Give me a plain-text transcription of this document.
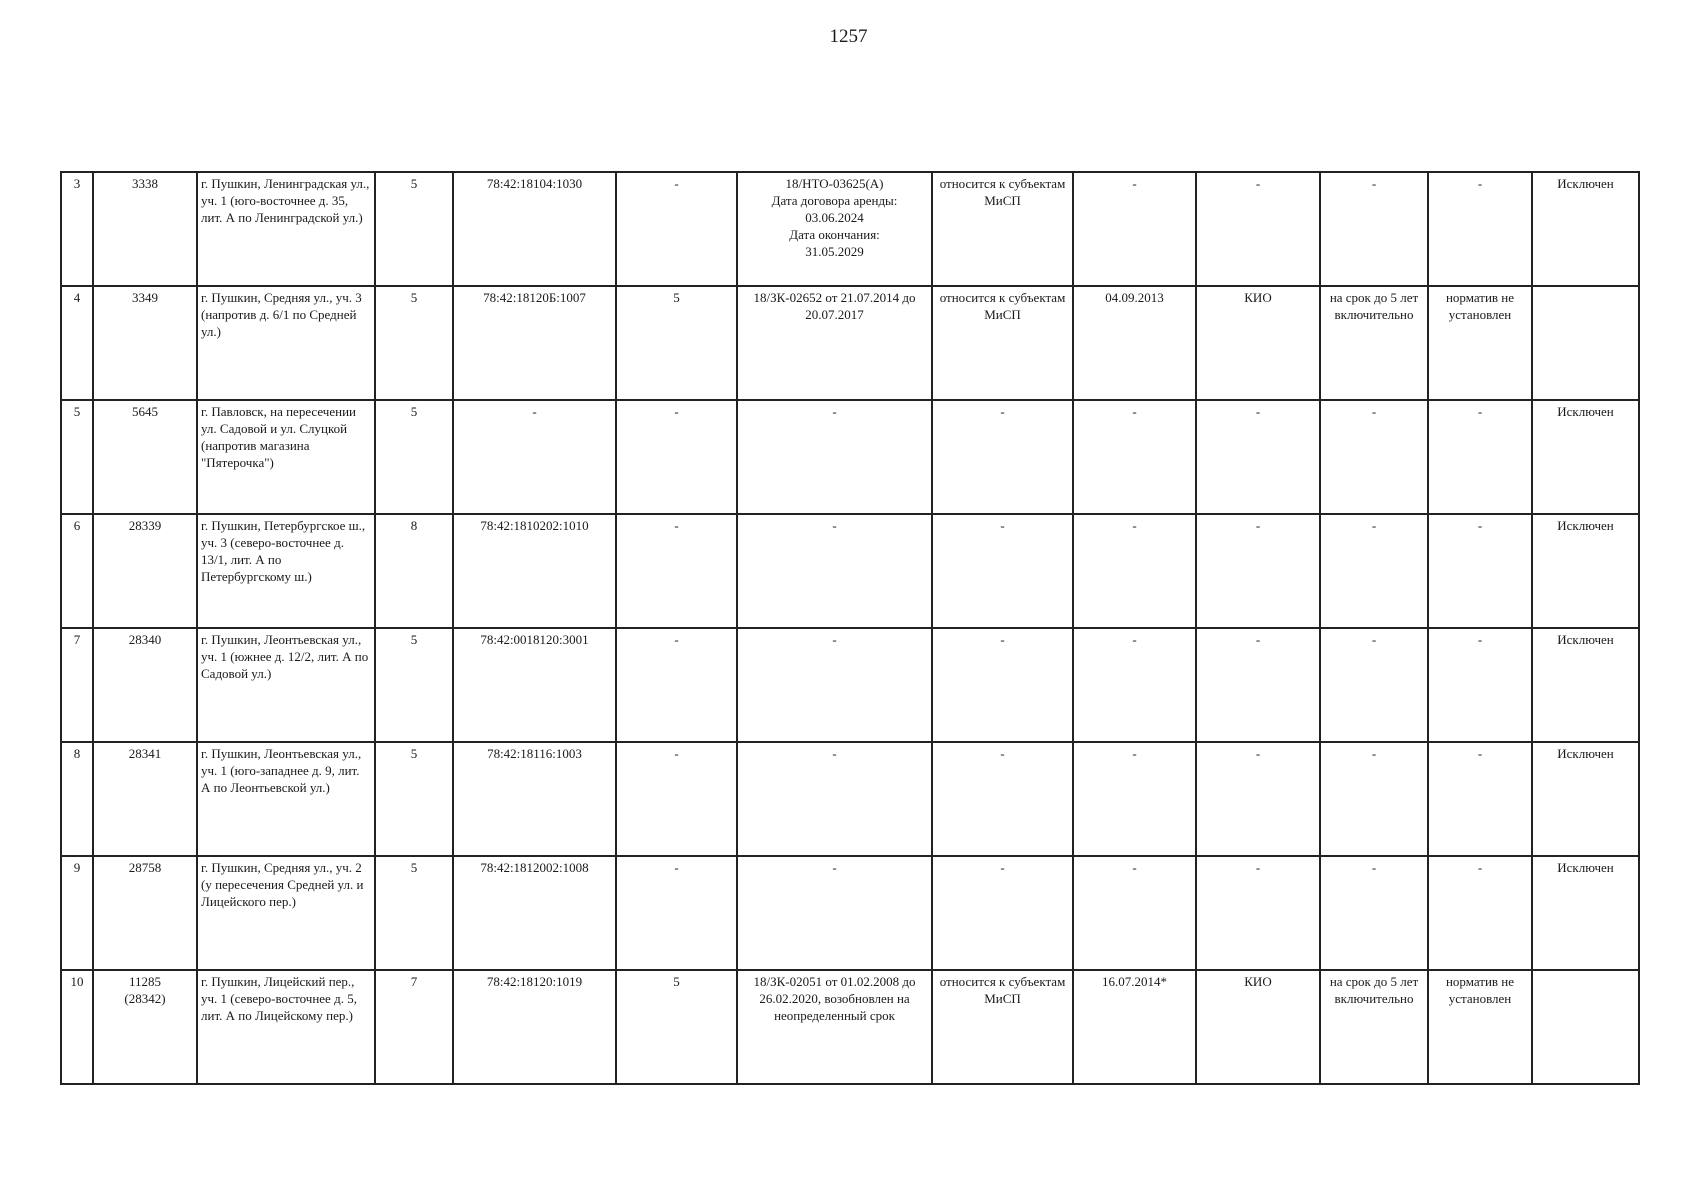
1257
3	3338	г. Пушкин, Ленинградская ул., уч. 1 (юго-восточнее д. 35, лит. А по Ленинградской ул.)	5	78:42:18104:1030	-	18/НТО-03625(А)
Дата договора аренды:
03.06.2024
Дата окончания:
31.05.2029	относится к субъектам МиСП	-	-	-	-	Исключен
4	3349	г. Пушкин, Средняя ул., уч. 3 (напротив д. 6/1 по Средней ул.)	5	78:42:18120Б:1007	5	18/ЗК-02652 от 21.07.2014 до 20.07.2017	относится к субъектам МиСП	04.09.2013	КИО	на срок до 5 лет включительно	норматив не установлен	
5	5645	г. Павловск, на пересечении ул. Садовой и ул. Слуцкой (напротив магазина "Пятерочка")	5	-	-	-	-	-	-	-	-	Исключен
6	28339	г. Пушкин, Петербургское ш., уч. 3 (северо-восточнее д. 13/1, лит. А по Петербургскому ш.)	8	78:42:1810202:1010	-	-	-	-	-	-	-	Исключен
7	28340	г. Пушкин, Леонтьевская ул., уч. 1 (южнее д. 12/2, лит. А по Садовой ул.)	5	78:42:0018120:3001	-	-	-	-	-	-	-	Исключен
8	28341	г. Пушкин, Леонтьевская ул., уч. 1 (юго-западнее д. 9, лит. А по Леонтьевской ул.)	5	78:42:18116:1003	-	-	-	-	-	-	-	Исключен
9	28758	г. Пушкин, Средняя ул., уч. 2 (у пересечения Средней ул. и Лицейского пер.)	5	78:42:1812002:1008	-	-	-	-	-	-	-	Исключен
10	11285
(28342)	г. Пушкин, Лицейский пер., уч. 1 (северо-восточнее д. 5, лит. А по Лицейскому пер.)	7	78:42:18120:1019	5	18/ЗК-02051 от 01.02.2008 до 26.02.2020, возобновлен на неопределенный срок	относится к субъектам МиСП	16.07.2014*	КИО	на срок до 5 лет включительно	норматив не установлен	
